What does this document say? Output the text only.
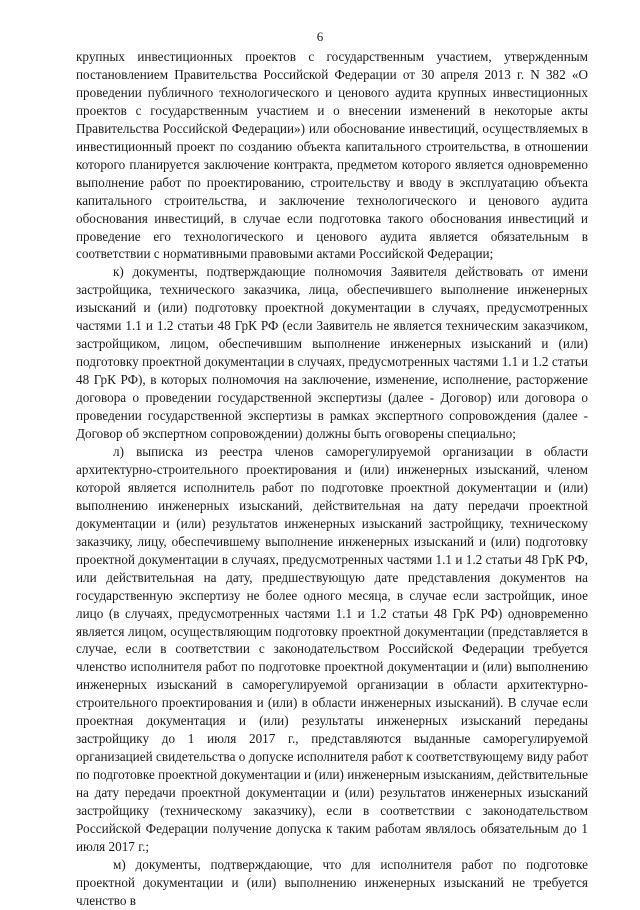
6

крупных инвестиционных проектов с государственным участием, утвержденным постановлением Правительства Российской Федерации от 30 апреля 2013 г. N 382 «О проведении публичного технологического и ценового аудита крупных инвестиционных проектов с государственным участием и о внесении изменений в некоторые акты Правительства Российской Федерации») или обоснование инвестиций, осуществляемых в инвестиционный проект по созданию объекта капитального строительства, в отношении которого планируется заключение контракта, предметом которого является одновременно выполнение работ по проектированию, строительству и вводу в эксплуатацию объекта капитального строительства, и заключение технологического и ценового аудита обоснования инвестиций, в случае если подготовка такого обоснования инвестиций и проведение его технологического и ценового аудита является обязательным в соответствии с нормативными правовыми актами Российской Федерации;

к) документы, подтверждающие полномочия Заявителя действовать от имени застройщика, технического заказчика, лица, обеспечившего выполнение инженерных изысканий и (или) подготовку проектной документации в случаях, предусмотренных частями 1.1 и 1.2 статьи 48 ГрК РФ (если Заявитель не является техническим заказчиком, застройщиком, лицом, обеспечившим выполнение инженерных изысканий и (или) подготовку проектной документации в случаях, предусмотренных частями 1.1 и 1.2 статьи 48 ГрК РФ), в которых полномочия на заключение, изменение, исполнение, расторжение договора о проведении государственной экспертизы (далее - Договор) или договора о проведении государственной экспертизы в рамках экспертного сопровождения (далее - Договор об экспертном сопровождении) должны быть оговорены специально;

л) выписка из реестра членов саморегулируемой организации в области архитектурно-строительного проектирования и (или) инженерных изысканий, членом которой является исполнитель работ по подготовке проектной документации и (или) выполнению инженерных изысканий, действительная на дату передачи проектной документации и (или) результатов инженерных изысканий застройщику, техническому заказчику, лицу, обеспечившему выполнение инженерных изысканий и (или) подготовку проектной документации в случаях, предусмотренных частями 1.1 и 1.2 статьи 48 ГрК РФ, или действительная на дату, предшествующую дате представления документов на государственную экспертизу не более одного месяца, в случае если застройщик, иное лицо (в случаях, предусмотренных частями 1.1 и 1.2 статьи 48 ГрК РФ) одновременно является лицом, осуществляющим подготовку проектной документации (представляется в случае, если в соответствии с законодательством Российской Федерации требуется членство исполнителя работ по подготовке проектной документации и (или) выполнению инженерных изысканий в саморегулируемой организации в области архитектурно-строительного проектирования и (или) в области инженерных изысканий). В случае если проектная документация и (или) результаты инженерных изысканий переданы застройщику до 1 июля 2017 г., представляются выданные саморегулируемой организацией свидетельства о допуске исполнителя работ к соответствующему виду работ по подготовке проектной документации и (или) инженерным изысканиям, действительные на дату передачи проектной документации и (или) результатов инженерных изысканий застройщику (техническому заказчику), если в соответствии с законодательством Российской Федерации получение допуска к таким работам являлось обязательным до 1 июля 2017 г.;

м) документы, подтверждающие, что для исполнителя работ по подготовке проектной документации и (или) выполнению инженерных изысканий не требуется членство в
